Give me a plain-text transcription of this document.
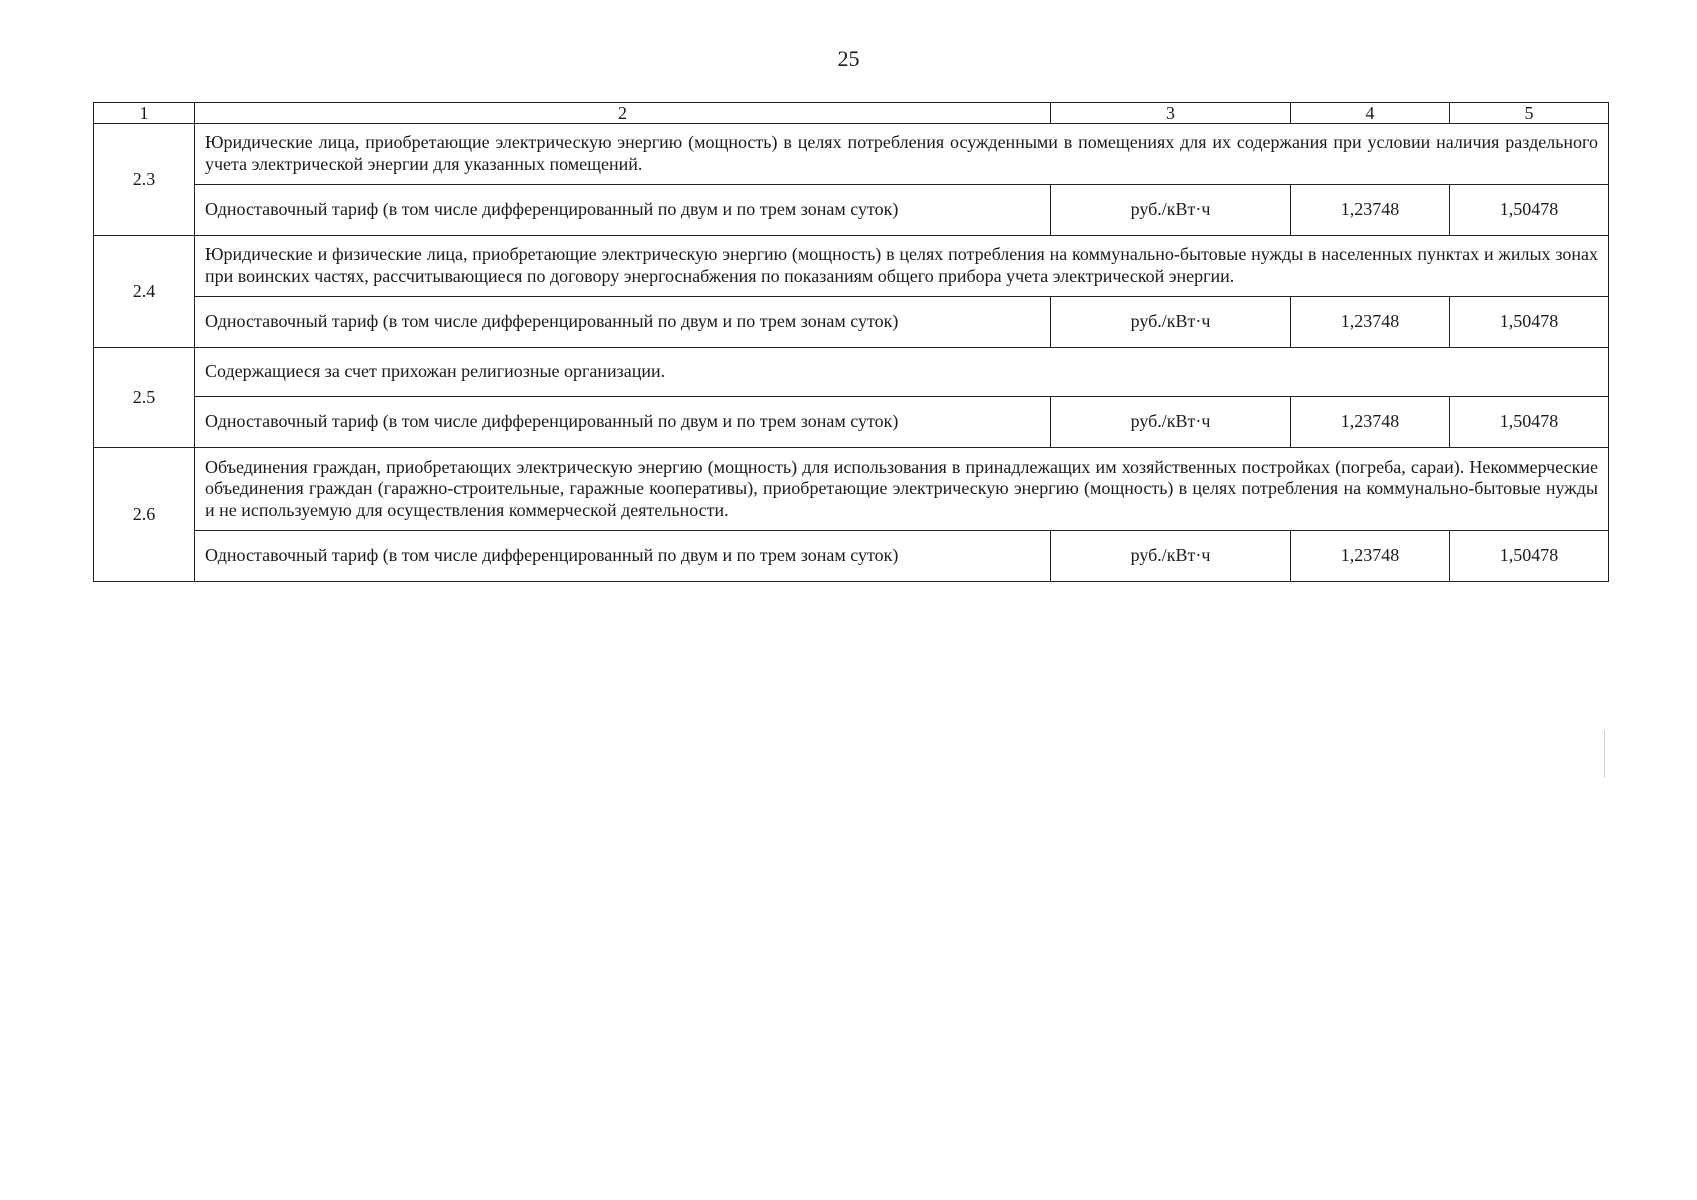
25
1	2	3	4	5
2.3	Юридические лица, приобретающие электрическую энергию (мощность) в целях потребления осужденными в помещениях для их содержания при условии наличия раздельного учета электрической энергии для указанных помещений.			
	Одноставочный тариф (в том числе дифференцированный по двум и по трем зонам суток)	руб./кВт·ч	1,23748	1,50478
2.4	Юридические и физические лица, приобретающие электрическую энергию (мощность) в целях потребления на коммунально-бытовые нужды в населенных пунктах и жилых зонах при воинских частях, рассчитывающиеся по договору энергоснабжения по показаниям общего прибора учета электрической энергии.			
	Одноставочный тариф (в том числе дифференцированный по двум и по трем зонам суток)	руб./кВт·ч	1,23748	1,50478
2.5	Содержащиеся за счет прихожан религиозные организации.			
	Одноставочный тариф (в том числе дифференцированный по двум и по трем зонам суток)	руб./кВт·ч	1,23748	1,50478
2.6	Объединения граждан, приобретающих электрическую энергию (мощность) для использования в принадлежащих им хозяйственных постройках (погреба, сараи). Некоммерческие объединения граждан (гаражно-строительные, гаражные кооперативы), приобретающие электрическую энергию (мощность) в целях потребления на коммунально-бытовые нужды и не используемую для осуществления коммерческой деятельности.			
	Одноставочный тариф (в том числе дифференцированный по двум и по трем зонам суток)	руб./кВт·ч	1,23748	1,50478
